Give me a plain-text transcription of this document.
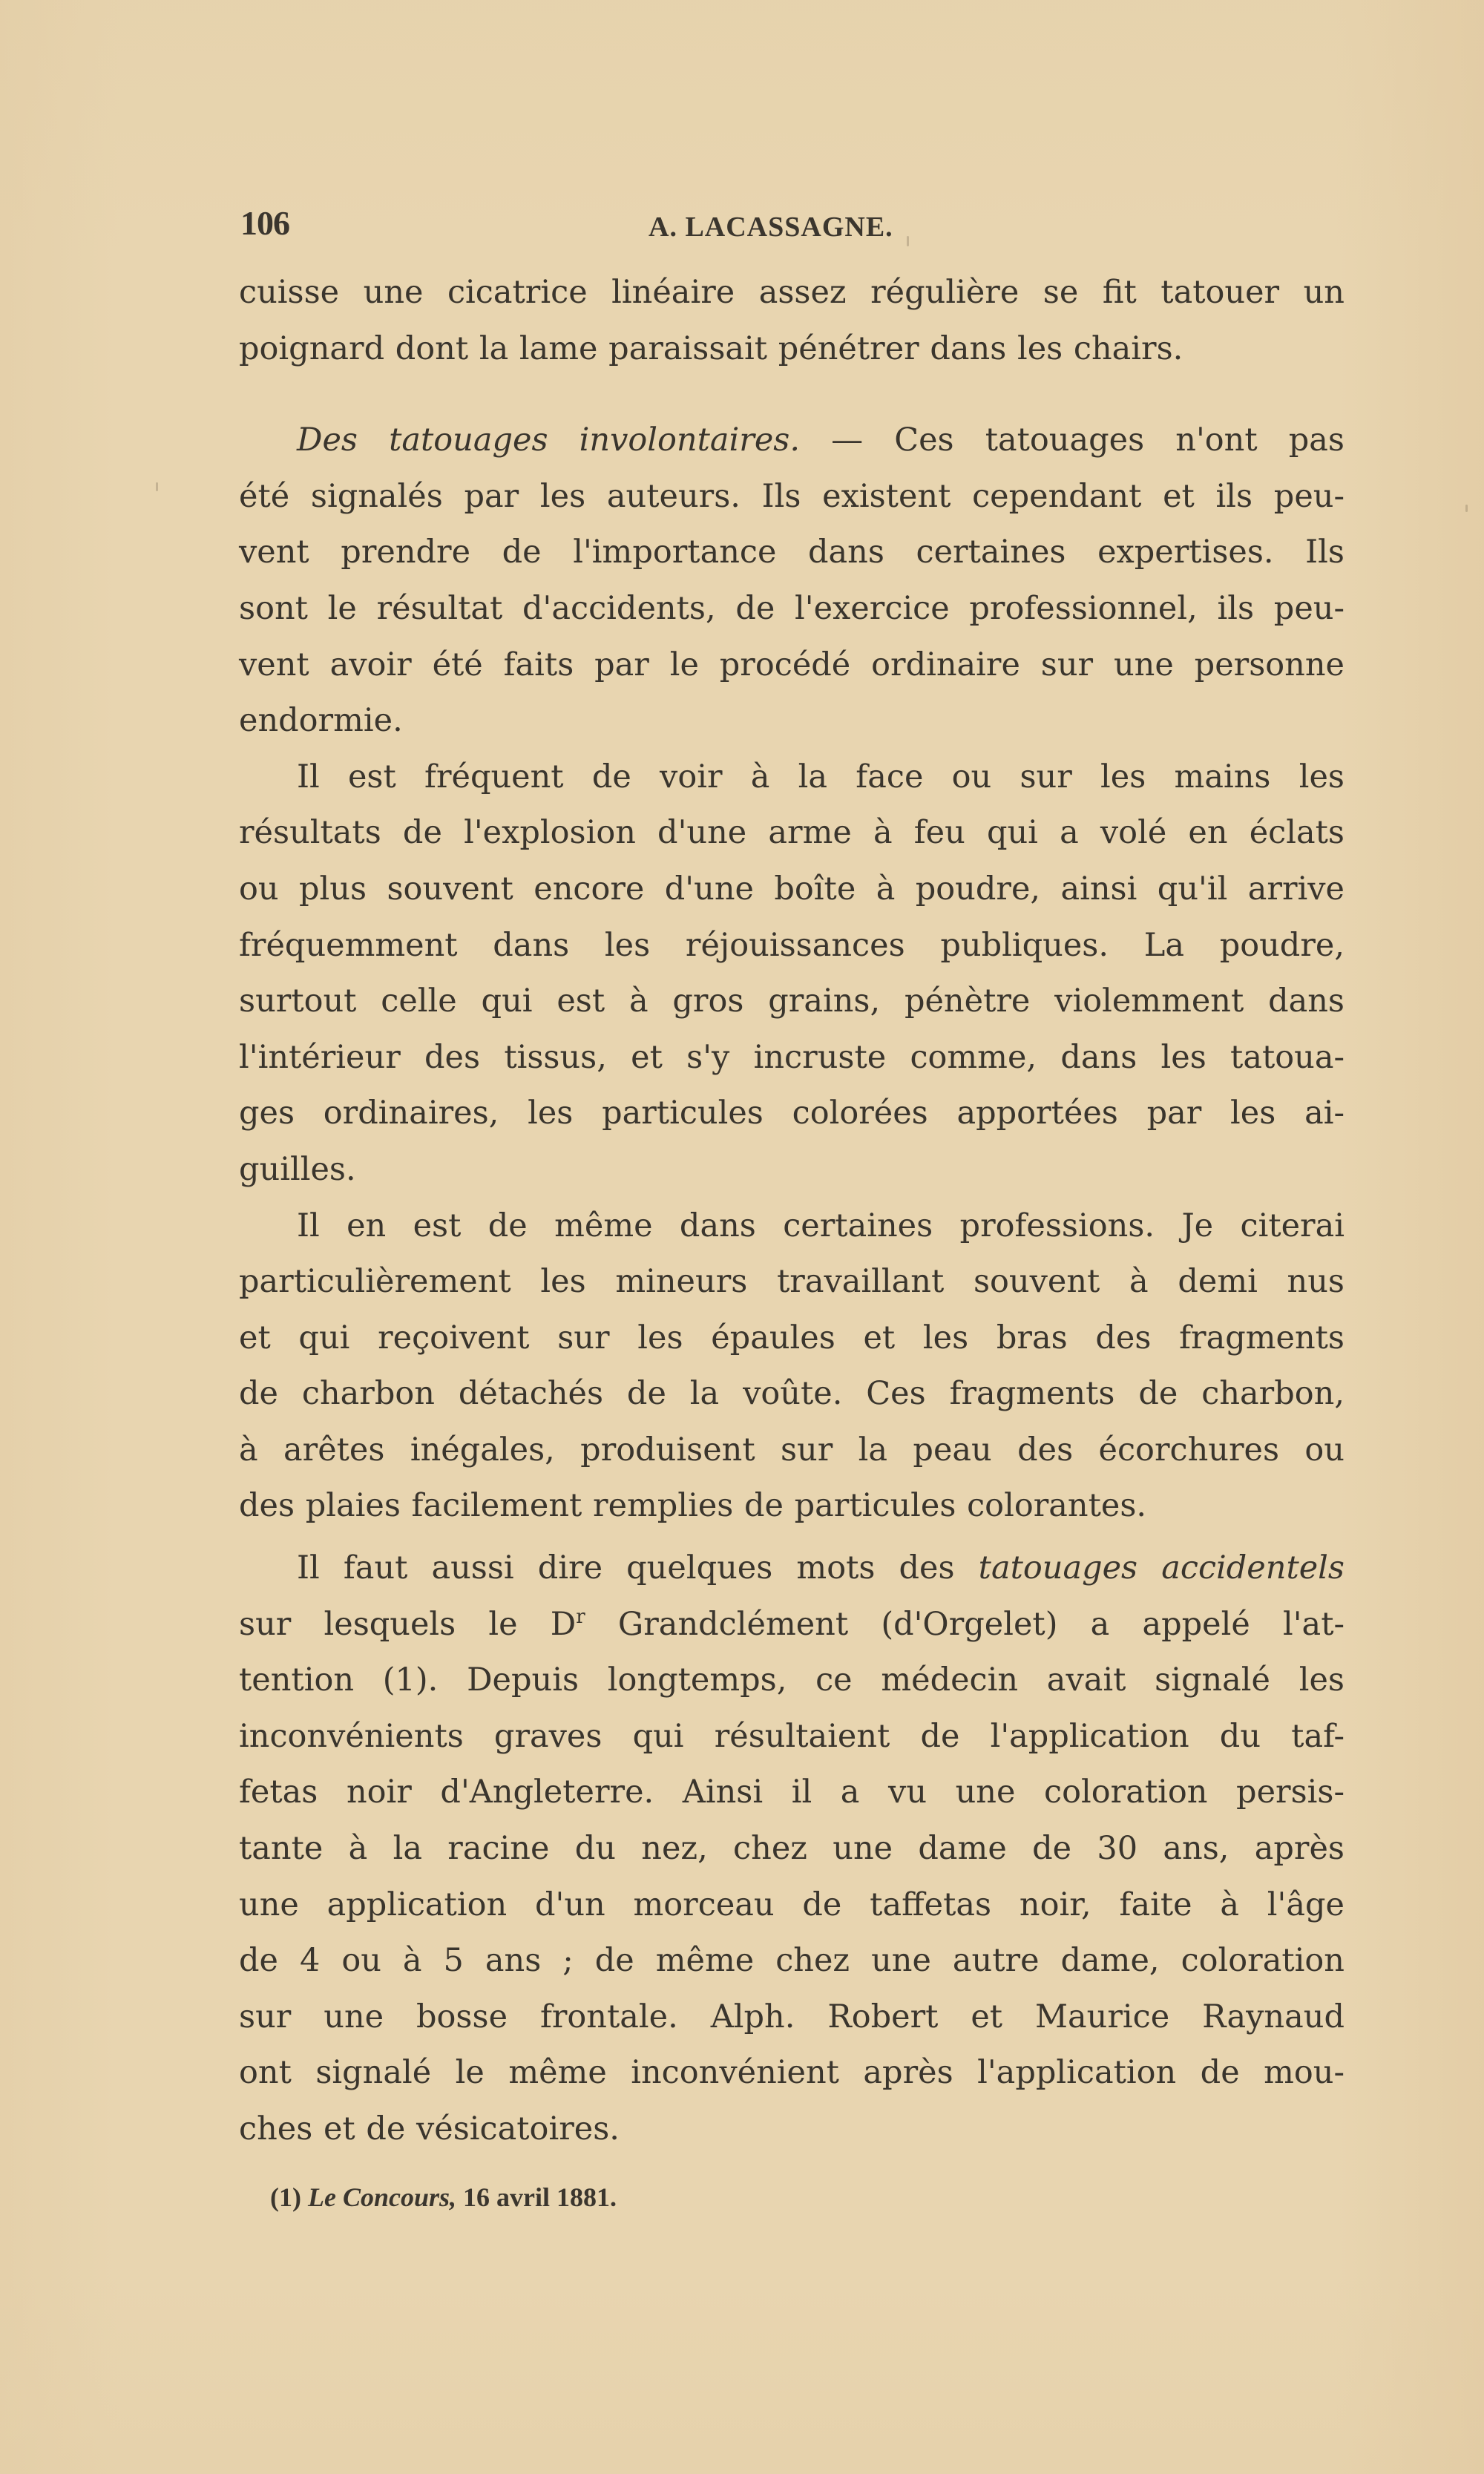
106	A. LACASSAGNE.
cuisse une cicatrice linéaire assez régulière se fit tatouer un
poignard dont la lame paraissait pénétrer dans les chairs.
Des tatouages involontaires. — Ces tatouages n'ont pas
été signalés par les auteurs. Ils existent cependant et ils peu-
vent prendre de l'importance dans certaines expertises. Ils
sont le résultat d'accidents, de l'exercice professionnel, ils peu-
vent avoir été faits par le procédé ordinaire sur une personne
endormie.
Il est fréquent de voir à la face ou sur les mains les
résultats de l'explosion d'une arme à feu qui a volé en éclats
ou plus souvent encore d'une boîte à poudre, ainsi qu'il arrive
fréquemment dans les réjouissances publiques. La poudre,
surtout celle qui est à gros grains, pénètre violemment dans
l'intérieur des tissus, et s'y incruste comme, dans les tatoua-
ges ordinaires, les particules colorées apportées par les ai-
guilles.
Il en est de même dans certaines professions. Je citerai
particulièrement les mineurs travaillant souvent à demi nus
et qui reçoivent sur les épaules et les bras des fragments
de charbon détachés de la voûte. Ces fragments de charbon,
à arêtes inégales, produisent sur la peau des écorchures ou
des plaies facilement remplies de particules colorantes.
Il faut aussi dire quelques mots des tatouages accidentels
sur lesquels le $D^r$ Grandclément (d'Orgelet) a appelé l'at-
tention (1). Depuis longtemps, ce médecin avait signalé les
inconvénients graves qui résultaient de l'application du taf-
fetas noir d'Angleterre. Ainsi il a vu une coloration persis-
tante à la racine du nez, chez une dame de 30 ans, après
une application d'un morceau de taffetas noir, faite à l'âge
de 4 ou à 5 ans ; de même chez une autre dame, coloration
sur une bosse frontale. Alph. Robert et Maurice Raynaud
ont signalé le même inconvénient après l'application de mou-
ches et de vésicatoires.
(1) Le Concours, 16 avril 1881.
